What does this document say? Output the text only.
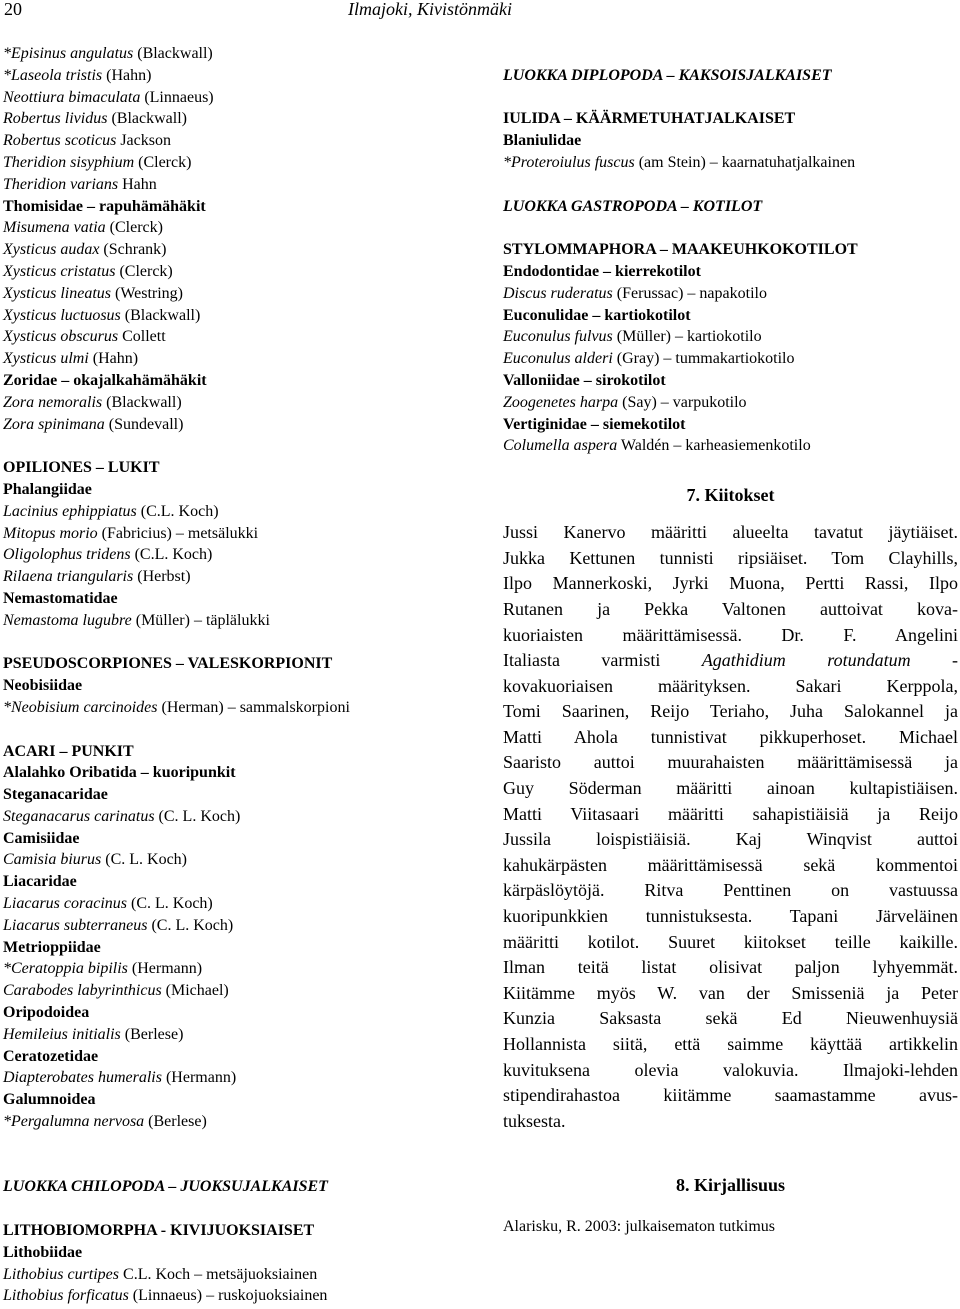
20	Ilmajoki, Kivistönmäki
*Episinus angulatus (Blackwall)
*Laseola tristis (Hahn)
Neottiura bimaculata (Linnaeus)
Robertus lividus (Blackwall)
Robertus scoticus Jackson
Theridion sisyphium (Clerck)
Theridion varians Hahn
Thomisidae – rapuhämähäkit
Misumena vatia (Clerck)
Xysticus audax (Schrank)
Xysticus cristatus (Clerck)
Xysticus lineatus (Westring)
Xysticus luctuosus (Blackwall)
Xysticus obscurus Collett
Xysticus ulmi (Hahn)
Zoridae – okajalkahämähäkit
Zora nemoralis (Blackwall)
Zora spinimana (Sundevall)
OPILIONES – LUKIT
Phalangiidae
Lacinius ephippiatus (C.L. Koch)
Mitopus morio (Fabricius) – metsälukki
Oligolophus tridens (C.L. Koch)
Rilaena triangularis (Herbst)
Nemastomatidae
Nemastoma lugubre (Müller) – täplälukki
PSEUDOSCORPIONES – VALESKORPIONIT
Neobisiidae
*Neobisium carcinoides (Herman) – sammalskorpioni
ACARI – PUNKIT
Alalahko Oribatida – kuoripunkit
Steganacaridae
Steganacarus carinatus (C. L. Koch)
Camisiidae
Camisia biurus (C. L. Koch)
Liacaridae
Liacarus coracinus (C. L. Koch)
Liacarus subterraneus (C. L. Koch)
Metrioppiidae
*Ceratoppia bipilis (Hermann)
Carabodes labyrinthicus (Michael)
Oripodoidea
Hemileius initialis (Berlese)
Ceratozetidae
Diapterobates humeralis (Hermann)
Galumnoidea
*Pergalumna nervosa (Berlese)
LUOKKA CHILOPODA – JUOKSUJALKAISET
LITHOBIOMORPHA - KIVIJUOKSIAISET
Lithobiidae
Lithobius curtipes C.L. Koch – metsäjuoksiainen
Lithobius forficatus (Linnaeus) – ruskojuoksiainen
LUOKKA DIPLOPODA – KAKSOISJALKAISET
IULIDA – KÄÄRMETUHATJALKAISET
Blaniulidae
*Proteroiulus fuscus (am Stein) – kaarnatuhatjalkainen
LUOKKA GASTROPODA – KOTILOT
STYLOMMAPHORA – MAAKEUHKOKOTILOT
Endodontidae – kierrekotilot
Discus ruderatus (Ferussac) – napakotilo
Euconulidae – kartiokotilot
Euconulus fulvus (Müller) – kartiokotilo
Euconulus alderi (Gray) – tummakartiokotilo
Valloniidae – sirokotilot
Zoogenetes harpa (Say) – varpukotilo
Vertiginidae – siemekotilot
Columella aspera Waldén – karheasiemenkotilo
7. Kiitokset
Jussi Kanervo määritti alueelta tavatut jäytiäiset.
Jukka Kettunen tunnisti ripsiäiset. Tom Clayhills,
Ilpo Mannerkoski, Jyrki Muona, Pertti Rassi, Ilpo
Rutanen ja Pekka Valtonen auttoivat kova-
kuoriaisten määrittämisessä. Dr. F. Angelini
Italiasta varmisti Agathidium rotundatum -
kovakuoriaisen määrityksen. Sakari Kerppola,
Tomi Saarinen, Reijo Teriaho, Juha Salokannel ja
Matti Ahola tunnistivat pikkuperhoset. Michael
Saaristo auttoi muurahaisten määrittämisessä ja
Guy Söderman määritti ainoan kultapistiäisen.
Matti Viitasaari määritti sahapistiäisiä ja Reijo
Jussila loispistiäisiä. Kaj Winqvist auttoi
kahukärpästen määrittämisessä sekä kommentoi
kärpäslöytöjä. Ritva Penttinen on vastuussa
kuoripunkkien tunnistuksesta. Tapani Järveläinen
määritti kotilot. Suuret kiitokset teille kaikille.
Ilman teitä listat olisivat paljon lyhyemmät.
Kiitämme myös W. van der Smisseniä ja Peter
Kunzia Saksasta sekä Ed Nieuwenhuysiä
Hollannista siitä, että saimme käyttää artikkelin
kuvituksena olevia valokuvia. Ilmajoki-lehden
stipendirahastoa kiitämme saamastamme avus-
tuksesta.
8. Kirjallisuus
Alarisku, R. 2003: julkaisematon tutkimus
